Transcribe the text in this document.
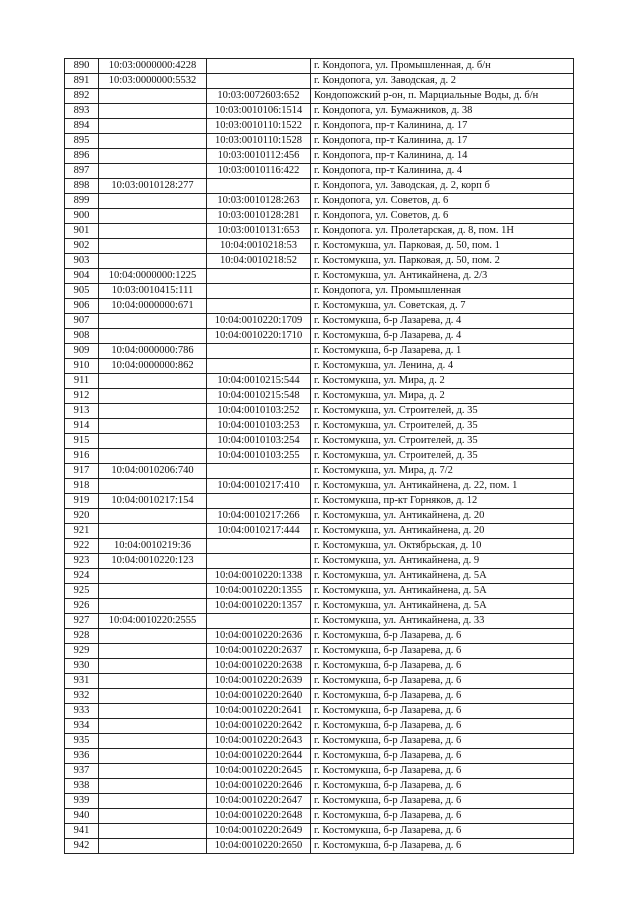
890	10:03:0000000:4228		г. Кондопога, ул. Промышленная, д. б/н
891	10:03:0000000:5532		г. Кондопога, ул. Заводская, д. 2
892		10:03:0072603:652	Кондопожский р-он, п. Марциальные Воды, д. б/н
893		10:03:0010106:1514	г. Кондопога, ул. Бумажников, д. 38
894		10:03:0010110:1522	г. Кондопога, пр-т Калинина, д. 17
895		10:03:0010110:1528	г. Кондопога, пр-т Калинина, д. 17
896		10:03:0010112:456	г. Кондопога, пр-т Калинина, д. 14
897		10:03:0010116:422	г. Кондопога, пр-т Калинина, д. 4
898	10:03:0010128:277		г. Кондопога, ул. Заводская, д. 2, корп б
899		10:03:0010128:263	г. Кондопога, ул. Советов, д. 6
900		10:03:0010128:281	г. Кондопога, ул. Советов, д. 6
901		10:03:0010131:653	г. Кондопога. ул. Пролетарская, д. 8, пом. 1Н
902		10:04:0010218:53	г. Костомукша, ул. Парковая, д. 50, пом. 1
903		10:04:0010218:52	г. Костомукша, ул. Парковая, д. 50, пом. 2
904	10:04:0000000:1225		г. Костомукша, ул. Антикайнена, д. 2/3
905	10:03:0010415:111		г. Кондопога, ул. Промышленная
906	10:04:0000000:671		г. Костомукша, ул. Советская, д. 7
907		10:04:0010220:1709	г. Костомукша, б-р Лазарева, д. 4
908		10:04:0010220:1710	г. Костомукша, б-р Лазарева, д. 4
909	10:04:0000000:786		г. Костомукша, б-р Лазарева, д. 1
910	10:04:0000000:862		г. Костомукша, ул. Ленина, д. 4
911		10:04:0010215:544	г. Костомукша, ул. Мира, д. 2
912		10:04:0010215:548	г. Костомукша, ул. Мира, д. 2
913		10:04:0010103:252	г. Костомукша, ул. Строителей, д. 35
914		10:04:0010103:253	г. Костомукша, ул. Строителей, д. 35
915		10:04:0010103:254	г. Костомукша, ул. Строителей, д. 35
916		10:04:0010103:255	г. Костомукша, ул. Строителей, д. 35
917	10:04:0010206:740		г. Костомукша, ул. Мира, д. 7/2
918		10:04:0010217:410	г. Костомукша, ул. Антикайнена, д. 22, пом. 1
919	10:04:0010217:154		г. Костомукша, пр-кт Горняков, д. 12
920		10:04:0010217:266	г. Костомукша, ул. Антикайнена, д. 20
921		10:04:0010217:444	г. Костомукша, ул. Антикайнена, д. 20
922	10:04:0010219:36		г. Костомукша, ул. Октябрьская, д. 10
923	10:04:0010220:123		г. Костомукша, ул. Антикайнена, д. 9
924		10:04:0010220:1338	г. Костомукша, ул. Антикайнена, д. 5А
925		10:04:0010220:1355	г. Костомукша, ул. Антикайнена, д. 5А
926		10:04:0010220:1357	г. Костомукша, ул. Антикайнена, д. 5А
927	10:04:0010220:2555		г. Костомукша, ул. Антикайнена, д. 33
928		10:04:0010220:2636	г. Костомукша, б-р Лазарева, д. 6
929		10:04:0010220:2637	г. Костомукша, б-р Лазарева, д. 6
930		10:04:0010220:2638	г. Костомукша, б-р Лазарева, д. 6
931		10:04:0010220:2639	г. Костомукша, б-р Лазарева, д. 6
932		10:04:0010220:2640	г. Костомукша, б-р Лазарева, д. 6
933		10:04:0010220:2641	г. Костомукша, б-р Лазарева, д. 6
934		10:04:0010220:2642	г. Костомукша, б-р Лазарева, д. 6
935		10:04:0010220:2643	г. Костомукша, б-р Лазарева, д. 6
936		10:04:0010220:2644	г. Костомукша, б-р Лазарева, д. 6
937		10:04:0010220:2645	г. Костомукша, б-р Лазарева, д. 6
938		10:04:0010220:2646	г. Костомукша, б-р Лазарева, д. 6
939		10:04:0010220:2647	г. Костомукша, б-р Лазарева, д. 6
940		10:04:0010220:2648	г. Костомукша, б-р Лазарева, д. 6
941		10:04:0010220:2649	г. Костомукша, б-р Лазарева, д. 6
942		10:04:0010220:2650	г. Костомукша, б-р Лазарева, д. 6
